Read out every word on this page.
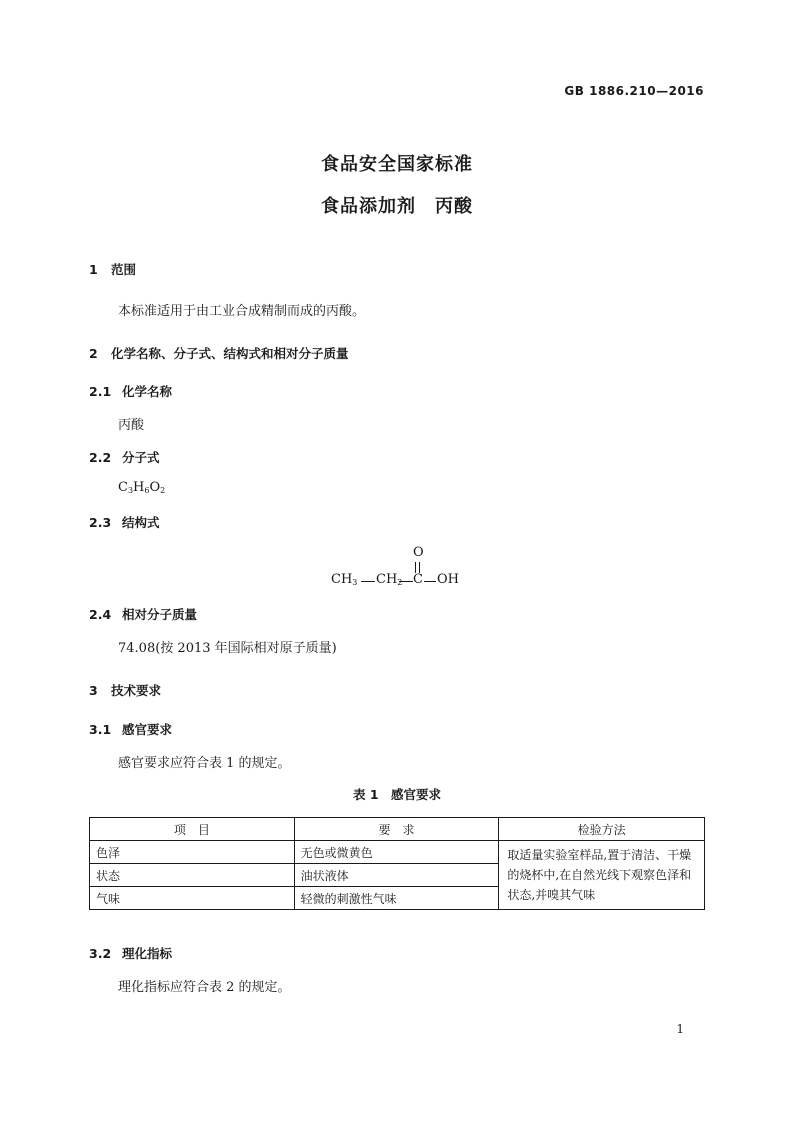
GB 1886.210—2016
食品安全国家标准
食品添加剂　丙酸
1 范围
本标准适用于由工业合成精制而成的丙酸。
2 化学名称、分子式、结构式和相对分子质量
2.1 化学名称
丙酸
2.2 分子式
$C_3H_6O_2$
2.3 结构式
O
$CH_3$ $CH_2$ C OH
2.4 相对分子质量
74.08(按 2013 年国际相对原子质量)
3 技术要求
3.1 感官要求
感官要求应符合表 1 的规定。
表 1　感官要求
项　目	要　求	检验方法
色泽	无色或微黄色	取适量实验室样品,置于清洁、干燥的烧杯中,在自然光线下观察色泽和状态,并嗅其气味
状态	油状液体	
气味	轻微的刺激性气味	
3.2 理化指标
理化指标应符合表 2 的规定。
1
